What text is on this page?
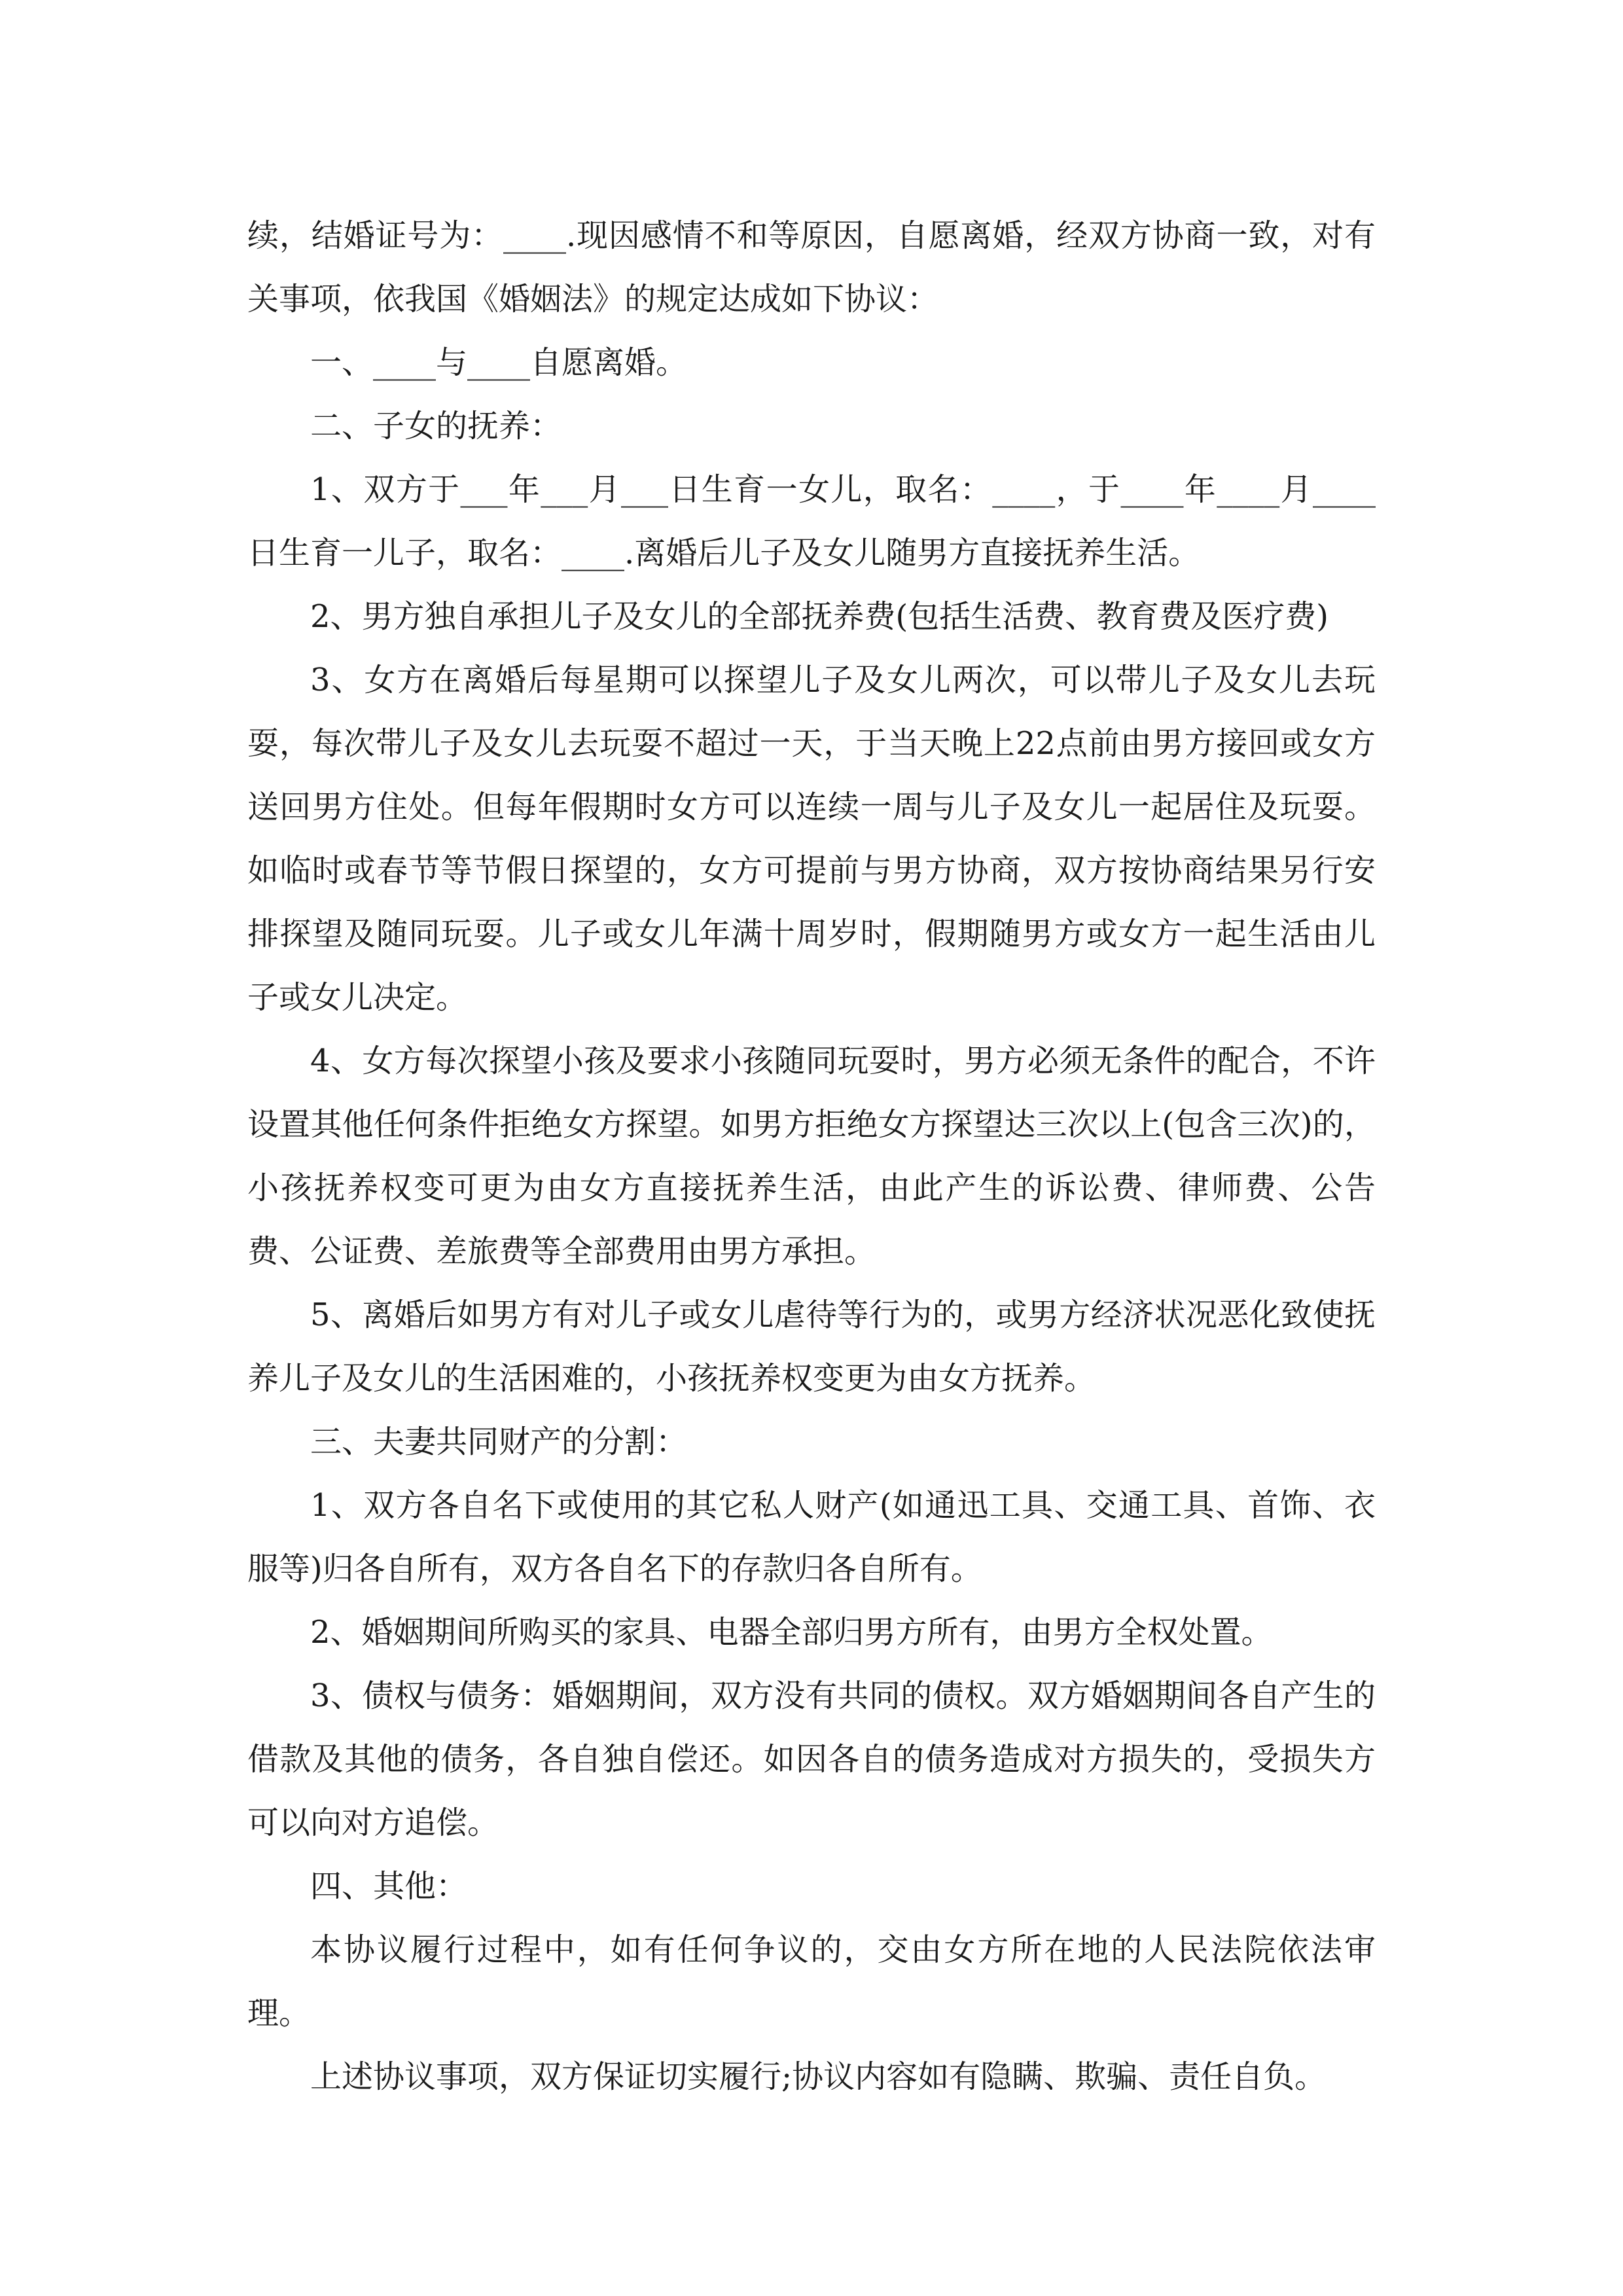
续，结婚证号为：____.现因感情不和等原因，自愿离婚，经双方协商一致，对有关事项，依我国《婚姻法》的规定达成如下协议：

一、____与____自愿离婚。

二、子女的抚养：

1、双方于___年___月___日生育一女儿，取名：____，于____年____月____日生育一儿子，取名：____.离婚后儿子及女儿随男方直接抚养生活。

2、男方独自承担儿子及女儿的全部抚养费(包括生活费、教育费及医疗费)

3、女方在离婚后每星期可以探望儿子及女儿两次，可以带儿子及女儿去玩耍，每次带儿子及女儿去玩耍不超过一天，于当天晚上22点前由男方接回或女方送回男方住处。但每年假期时女方可以连续一周与儿子及女儿一起居住及玩耍。如临时或春节等节假日探望的，女方可提前与男方协商，双方按协商结果另行安排探望及随同玩耍。儿子或女儿年满十周岁时，假期随男方或女方一起生活由儿子或女儿决定。

4、女方每次探望小孩及要求小孩随同玩耍时，男方必须无条件的配合，不许设置其他任何条件拒绝女方探望。如男方拒绝女方探望达三次以上(包含三次)的，小孩抚养权变可更为由女方直接抚养生活，由此产生的诉讼费、律师费、公告费、公证费、差旅费等全部费用由男方承担。

5、离婚后如男方有对儿子或女儿虐待等行为的，或男方经济状况恶化致使抚养儿子及女儿的生活困难的，小孩抚养权变更为由女方抚养。

三、夫妻共同财产的分割：

1、双方各自名下或使用的其它私人财产(如通迅工具、交通工具、首饰、衣服等)归各自所有，双方各自名下的存款归各自所有。

2、婚姻期间所购买的家具、电器全部归男方所有，由男方全权处置。

3、债权与债务：婚姻期间，双方没有共同的债权。双方婚姻期间各自产生的借款及其他的债务，各自独自偿还。如因各自的债务造成对方损失的，受损失方可以向对方追偿。

四、其他：

本协议履行过程中，如有任何争议的，交由女方所在地的人民法院依法审理。

上述协议事项，双方保证切实履行;协议内容如有隐瞒、欺骗、责任自负。
